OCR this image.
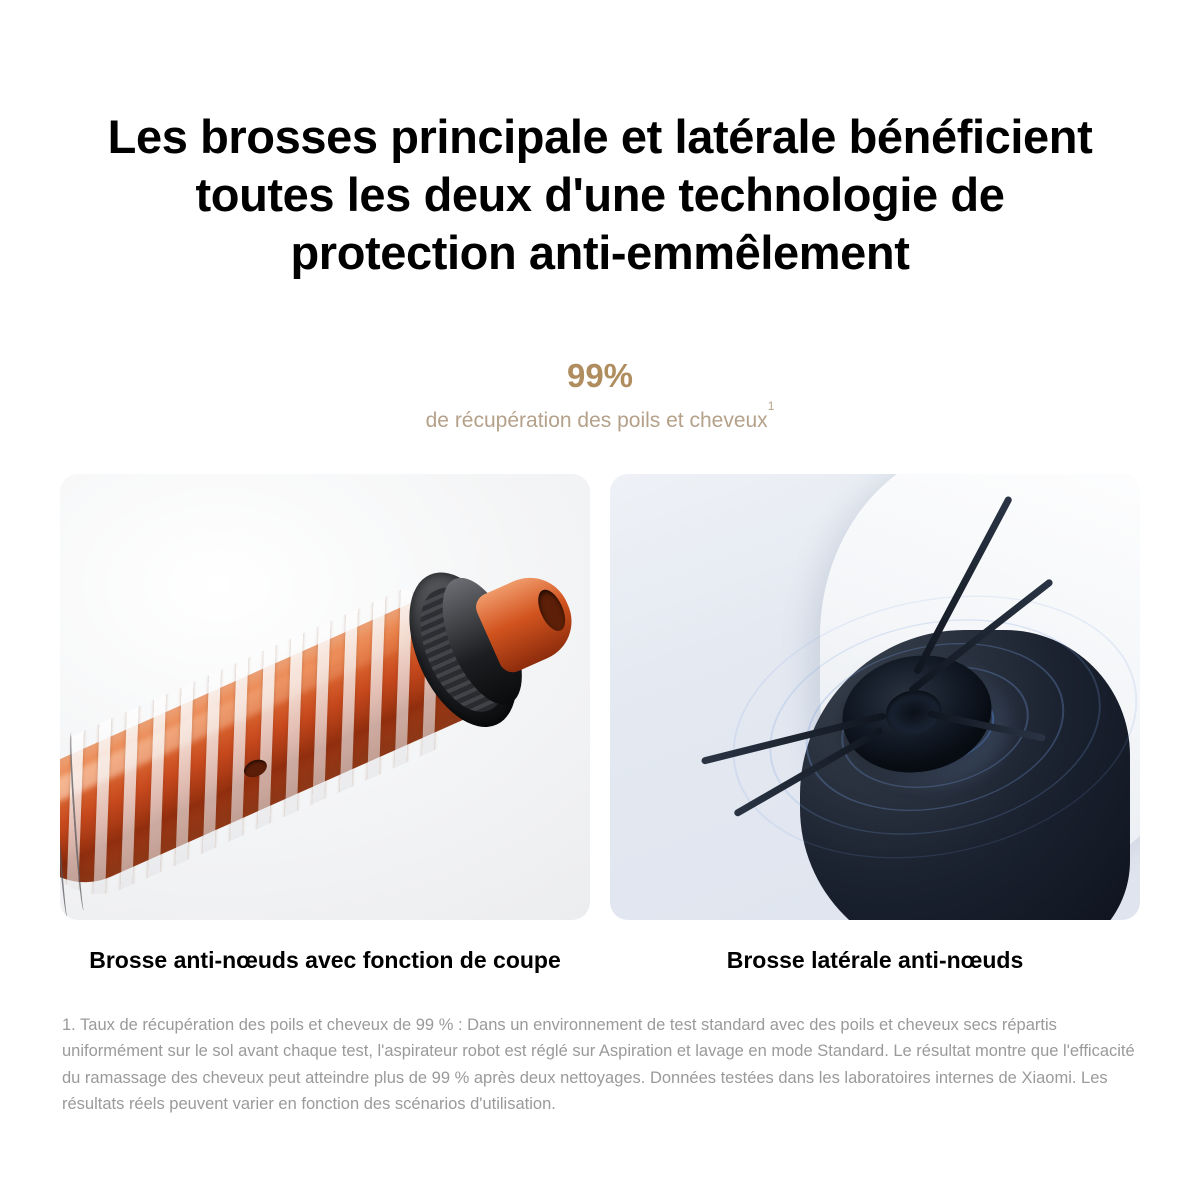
Les brosses principale et latérale bénéficient toutes les deux d'une technologie de protection anti-emmêlement
99%
de récupération des poils et cheveux$^1$
Brosse anti-nœuds avec fonction de coupe	Brosse latérale anti-nœuds

1. Taux de récupération des poils et cheveux de 99 % : Dans un environnement de test standard avec des poils et cheveux secs répartis uniformément sur le sol avant chaque test, l'aspirateur robot est réglé sur Aspiration et lavage en mode Standard. Le résultat montre que l'efficacité du ramassage des cheveux peut atteindre plus de 99 % après deux nettoyages. Données testées dans les laboratoires internes de Xiaomi. Les résultats réels peuvent varier en fonction des scénarios d'utilisation.
